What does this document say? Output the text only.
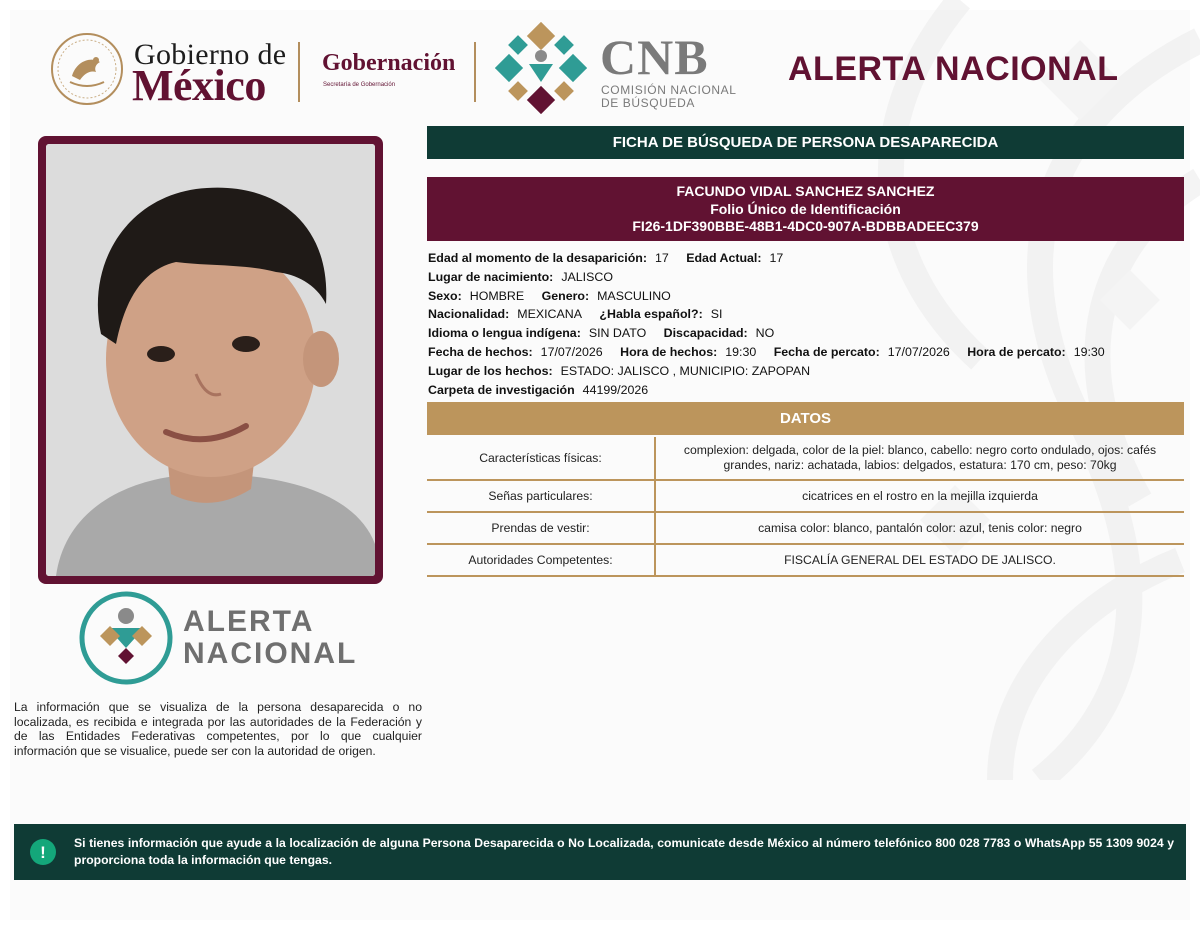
Gobierno de
México Gobernación
Secretaría de Gobernación	CNB
COMISIÓN NACIONAL
DE BÚSQUEDA
ALERTA NACIONAL
ALERTA
NACIONAL

La información que se visualiza de la persona desaparecida o no localizada, es recibida e integrada por las autoridades de la Federación y de las Entidades Federativas competentes, por lo que cualquier información que se visualice, puede ser con la autoridad de origen.

FICHA DE BÚSQUEDA DE PERSONA DESAPARECIDA
FACUNDO VIDAL SANCHEZ SANCHEZ
Folio Único de Identificación
FI26-1DF390BBE-48B1-4DC0-907A-BDBBADEEC379
Edad al momento de la desaparición: 17 Edad Actual: 17
Lugar de nacimiento: JALISCO
Sexo: HOMBRE Genero: MASCULINO
Nacionalidad: MEXICANA ¿Habla español?: SI
Idioma o lengua indígena: SIN DATO Discapacidad: NO
Fecha de hechos: 17/07/2026 Hora de hechos: 19:30 Fecha de percato: 17/07/2026 Hora de percato: 19:30
Lugar de los hechos: ESTADO: JALISCO , MUNICIPIO: ZAPOPAN
Carpeta de investigación 44199/2026
DATOS
Características físicas:	complexion: delgada, color de la piel: blanco, cabello: negro corto ondulado, ojos: cafés grandes, nariz: achatada, labios: delgados, estatura: 170 cm, peso: 70kg
Señas particulares:	cicatrices en el rostro en la mejilla izquierda
Prendas de vestir:	camisa color: blanco, pantalón color: azul, tenis color: negro
Autoridades Competentes:	FISCALÍA GENERAL DEL ESTADO DE JALISCO.
!	Si tienes información que ayude a la localización de alguna Persona Desaparecida o No Localizada, comunicate desde México al número telefónico 800 028 7783 o WhatsApp 55 1309 9024 y proporciona toda la información que tengas.
